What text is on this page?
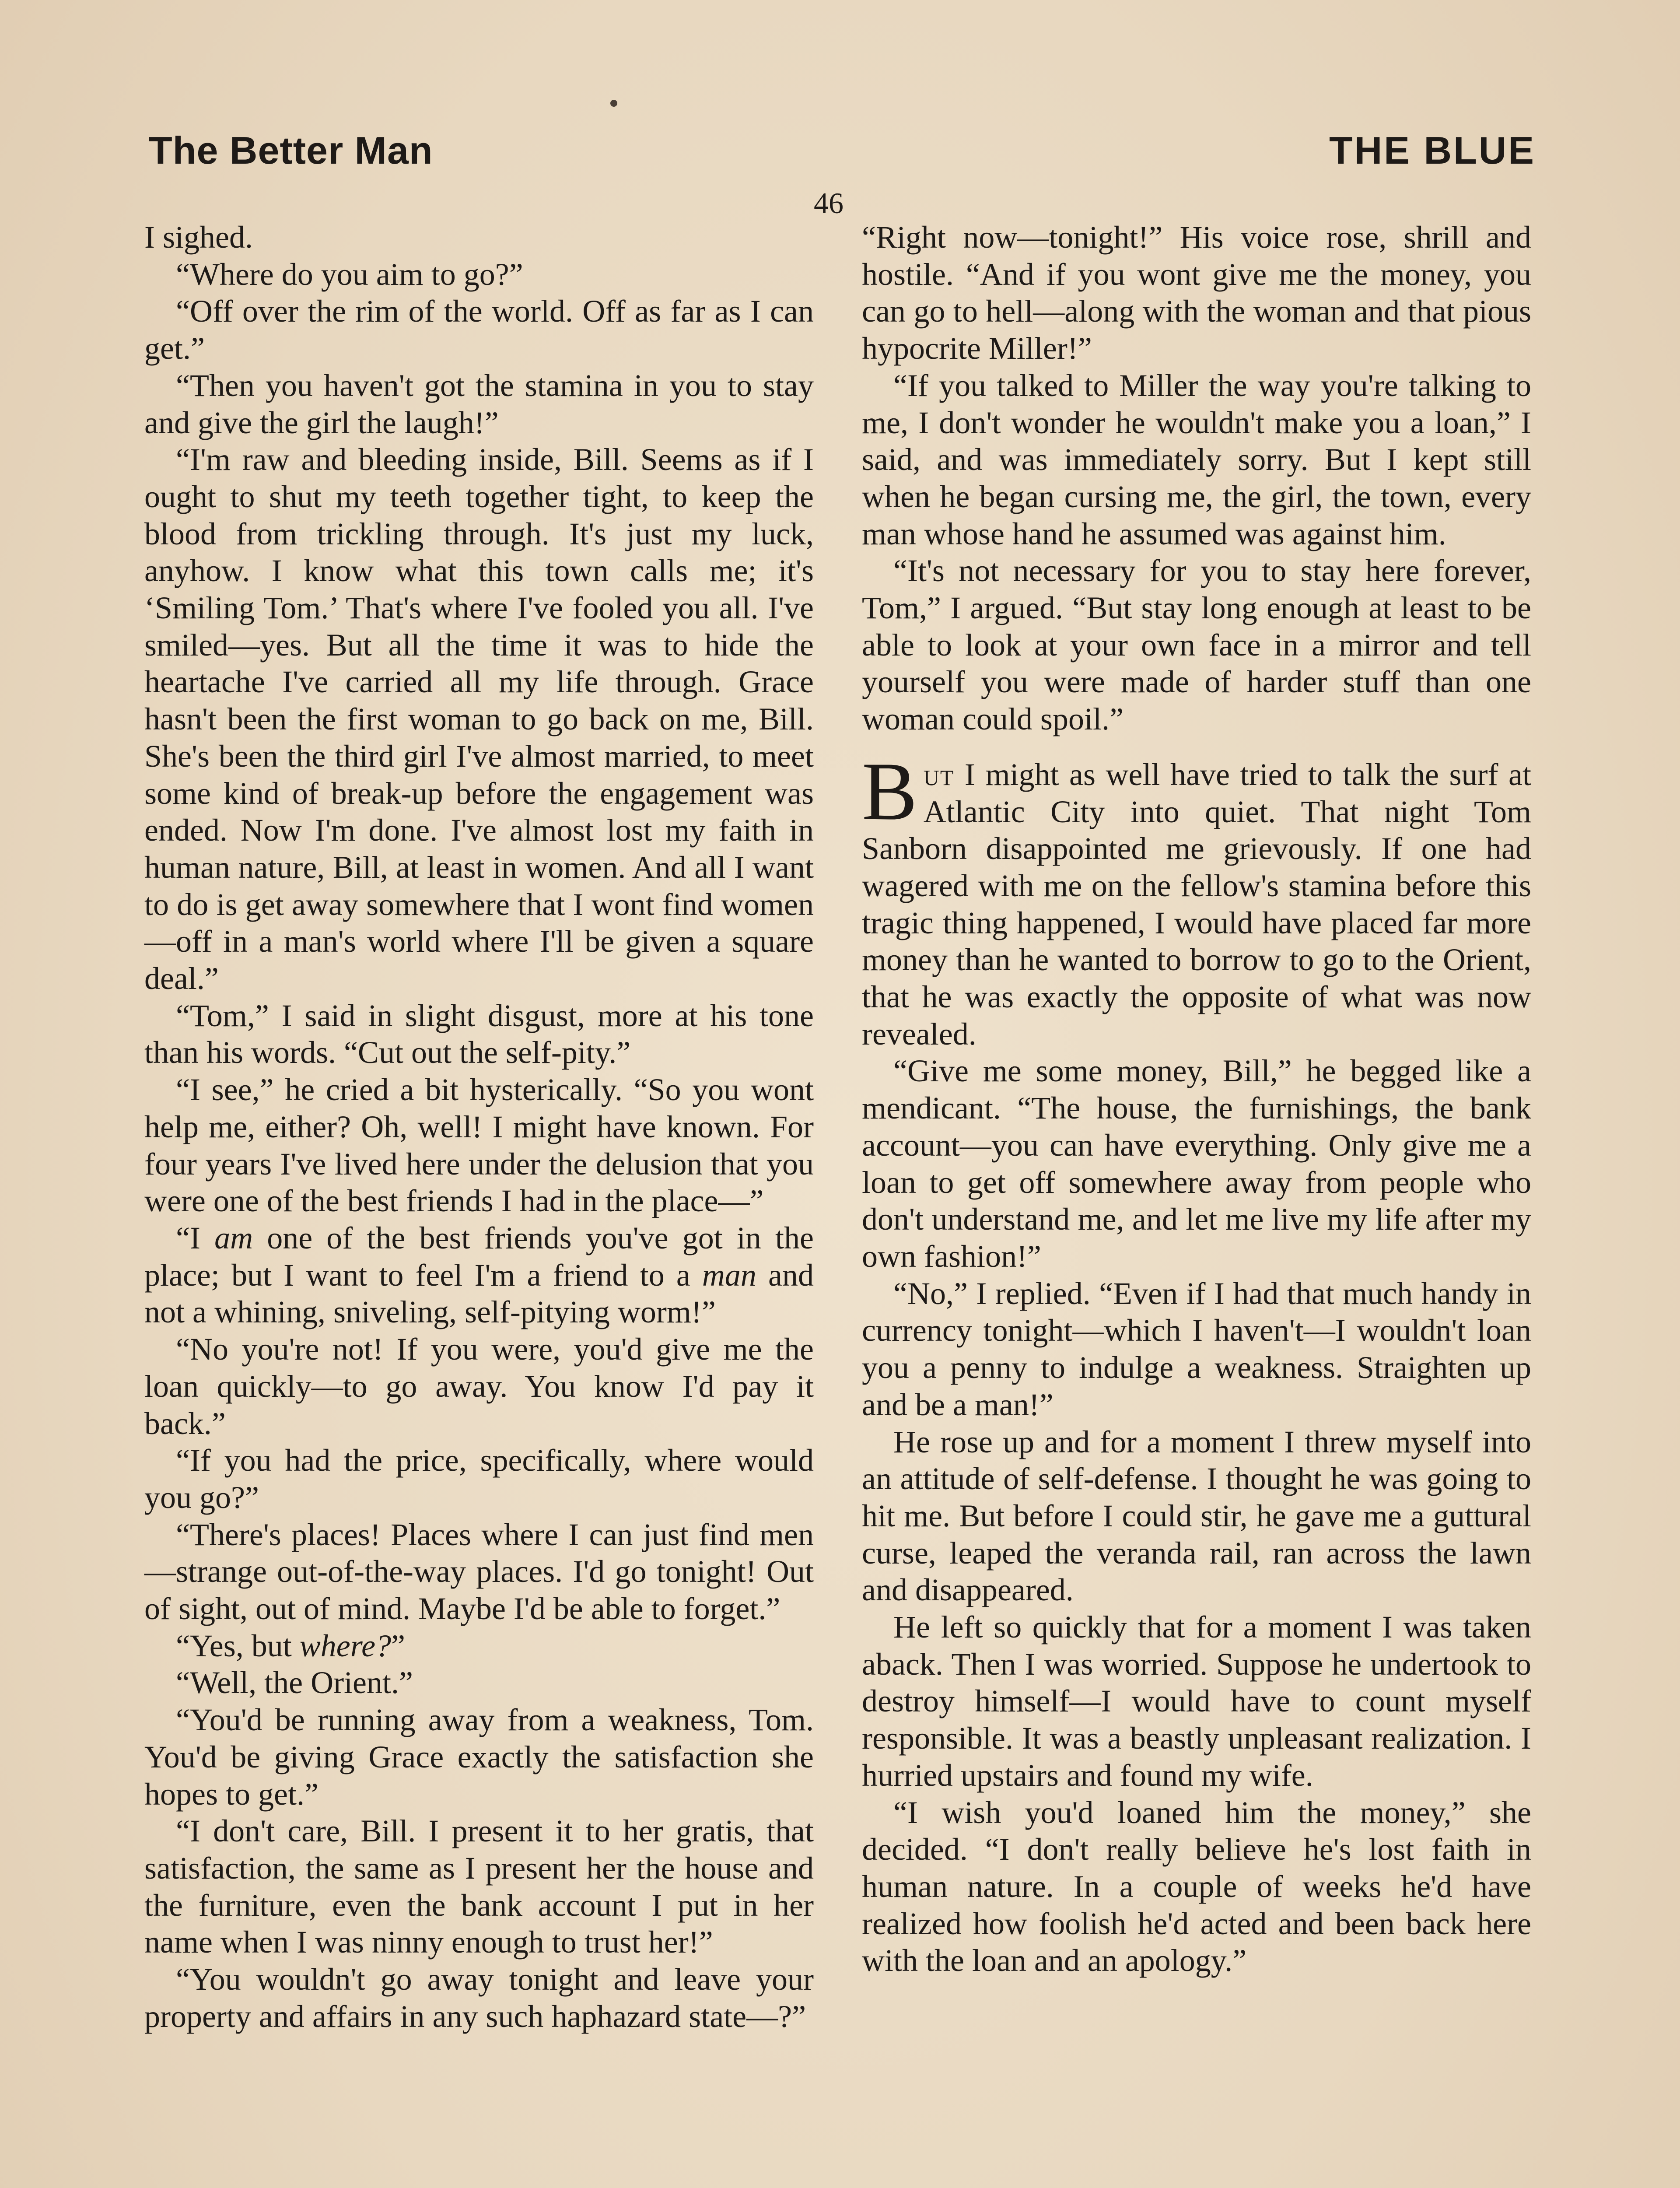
The Better Man	THE BLUE
46

I sighed.

“Where do you aim to go?”

“Off over the rim of the world. Off as far as I can get.”

“Then you haven't got the stamina in you to stay and give the girl the laugh!”

“I'm raw and bleeding inside, Bill. Seems as if I ought to shut my teeth together tight, to keep the blood from trickling through. It's just my luck, anyhow. I know what this town calls me; it's ‘Smiling Tom.’ That's where I've fooled you all. I've smiled—yes. But all the time it was to hide the heartache I've carried all my life through. Grace hasn't been the first woman to go back on me, Bill. She's been the third girl I've almost married, to meet some kind of break-up before the engagement was ended. Now I'm done. I've almost lost my faith in human nature, Bill, at least in women. And all I want to do is get away somewhere that I wont find women—off in a man's world where I'll be given a square deal.”

“Tom,” I said in slight disgust, more at his tone than his words. “Cut out the self-pity.”

“I see,” he cried a bit hysterically. “So you wont help me, either? Oh, well! I might have known. For four years I've lived here under the delusion that you were one of the best friends I had in the place—”

“I am one of the best friends you've got in the place; but I want to feel I'm a friend to a man and not a whining, sniveling, self-pitying worm!”

“No you're not! If you were, you'd give me the loan quickly—to go away. You know I'd pay it back.”

“If you had the price, specifically, where would you go?”

“There's places! Places where I can just find men—strange out-of-the-way places. I'd go tonight! Out of sight, out of mind. Maybe I'd be able to forget.”

“Yes, but where?”

“Well, the Orient.”

“You'd be running away from a weakness, Tom. You'd be giving Grace exactly the satisfaction she hopes to get.”

“I don't care, Bill. I present it to her gratis, that satisfaction, the same as I present her the house and the furniture, even the bank account I put in her name when I was ninny enough to trust her!”

“You wouldn't go away tonight and leave your property and affairs in any such haphazard state—?”

“Right now—tonight!” His voice rose, shrill and hostile. “And if you wont give me the money, you can go to hell—along with the woman and that pious hypocrite Miller!”

“If you talked to Miller the way you're talking to me, I don't wonder he wouldn't make you a loan,” I said, and was immediately sorry. But I kept still when he began cursing me, the girl, the town, every man whose hand he assumed was against him.

“It's not necessary for you to stay here forever, Tom,” I argued. “But stay long enough at least to be able to look at your own face in a mirror and tell yourself you were made of harder stuff than one woman could spoil.”

But I might as well have tried to talk the surf at Atlantic City into quiet. That night Tom Sanborn disappointed me grievously. If one had wagered with me on the fellow's stamina before this tragic thing happened, I would have placed far more money than he wanted to borrow to go to the Orient, that he was exactly the opposite of what was now revealed.

“Give me some money, Bill,” he begged like a mendicant. “The house, the furnishings, the bank account—you can have everything. Only give me a loan to get off somewhere away from people who don't understand me, and let me live my life after my own fashion!”

“No,” I replied. “Even if I had that much handy in currency tonight—which I haven't—I wouldn't loan you a penny to indulge a weakness. Straighten up and be a man!”

He rose up and for a moment I threw myself into an attitude of self-defense. I thought he was going to hit me. But before I could stir, he gave me a guttural curse, leaped the veranda rail, ran across the lawn and disappeared.

He left so quickly that for a moment I was taken aback. Then I was worried. Suppose he undertook to destroy himself—I would have to count myself responsible. It was a beastly unpleasant realization. I hurried upstairs and found my wife.

“I wish you'd loaned him the money,” she decided. “I don't really believe he's lost faith in human nature. In a couple of weeks he'd have realized how foolish he'd acted and been back here with the loan and an apology.”
